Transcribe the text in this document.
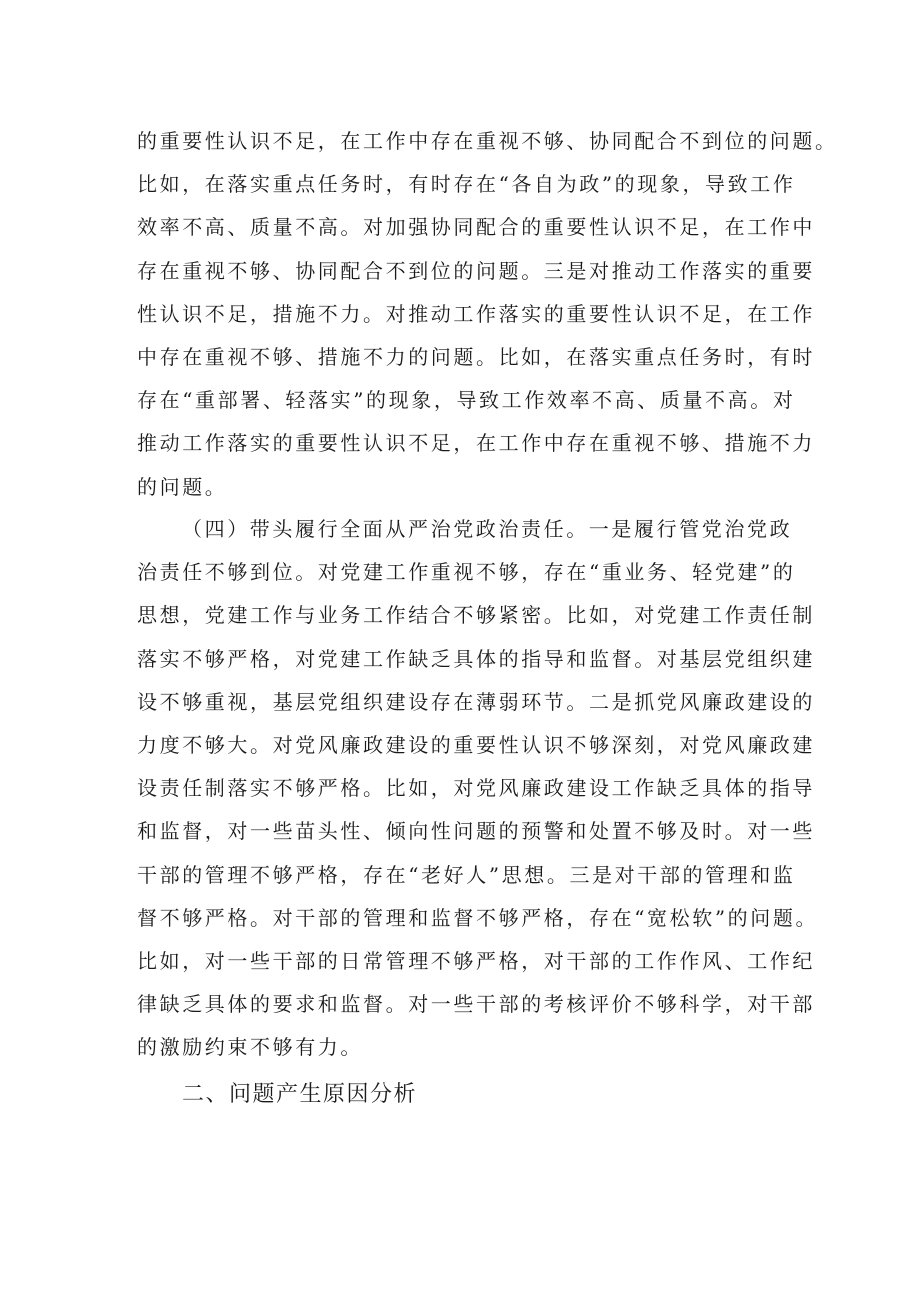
的重要性认识不足，在工作中存在重视不够、协同配合不到位的问题。
比如，在落实重点任务时，有时存在“各自为政”的现象，导致工作
效率不高、质量不高。对加强协同配合的重要性认识不足，在工作中
存在重视不够、协同配合不到位的问题。三是对推动工作落实的重要
性认识不足，措施不力。对推动工作落实的重要性认识不足，在工作
中存在重视不够、措施不力的问题。比如，在落实重点任务时，有时
存在“重部署、轻落实”的现象，导致工作效率不高、质量不高。对
推动工作落实的重要性认识不足，在工作中存在重视不够、措施不力
的问题。
（四）带头履行全面从严治党政治责任。一是履行管党治党政
治责任不够到位。对党建工作重视不够，存在“重业务、轻党建”的
思想，党建工作与业务工作结合不够紧密。比如，对党建工作责任制
落实不够严格，对党建工作缺乏具体的指导和监督。对基层党组织建
设不够重视，基层党组织建设存在薄弱环节。二是抓党风廉政建设的
力度不够大。对党风廉政建设的重要性认识不够深刻，对党风廉政建
设责任制落实不够严格。比如，对党风廉政建设工作缺乏具体的指导
和监督，对一些苗头性、倾向性问题的预警和处置不够及时。对一些
干部的管理不够严格，存在“老好人”思想。三是对干部的管理和监
督不够严格。对干部的管理和监督不够严格，存在“宽松软”的问题。
比如，对一些干部的日常管理不够严格，对干部的工作作风、工作纪
律缺乏具体的要求和监督。对一些干部的考核评价不够科学，对干部
的激励约束不够有力。
二、问题产生原因分析
